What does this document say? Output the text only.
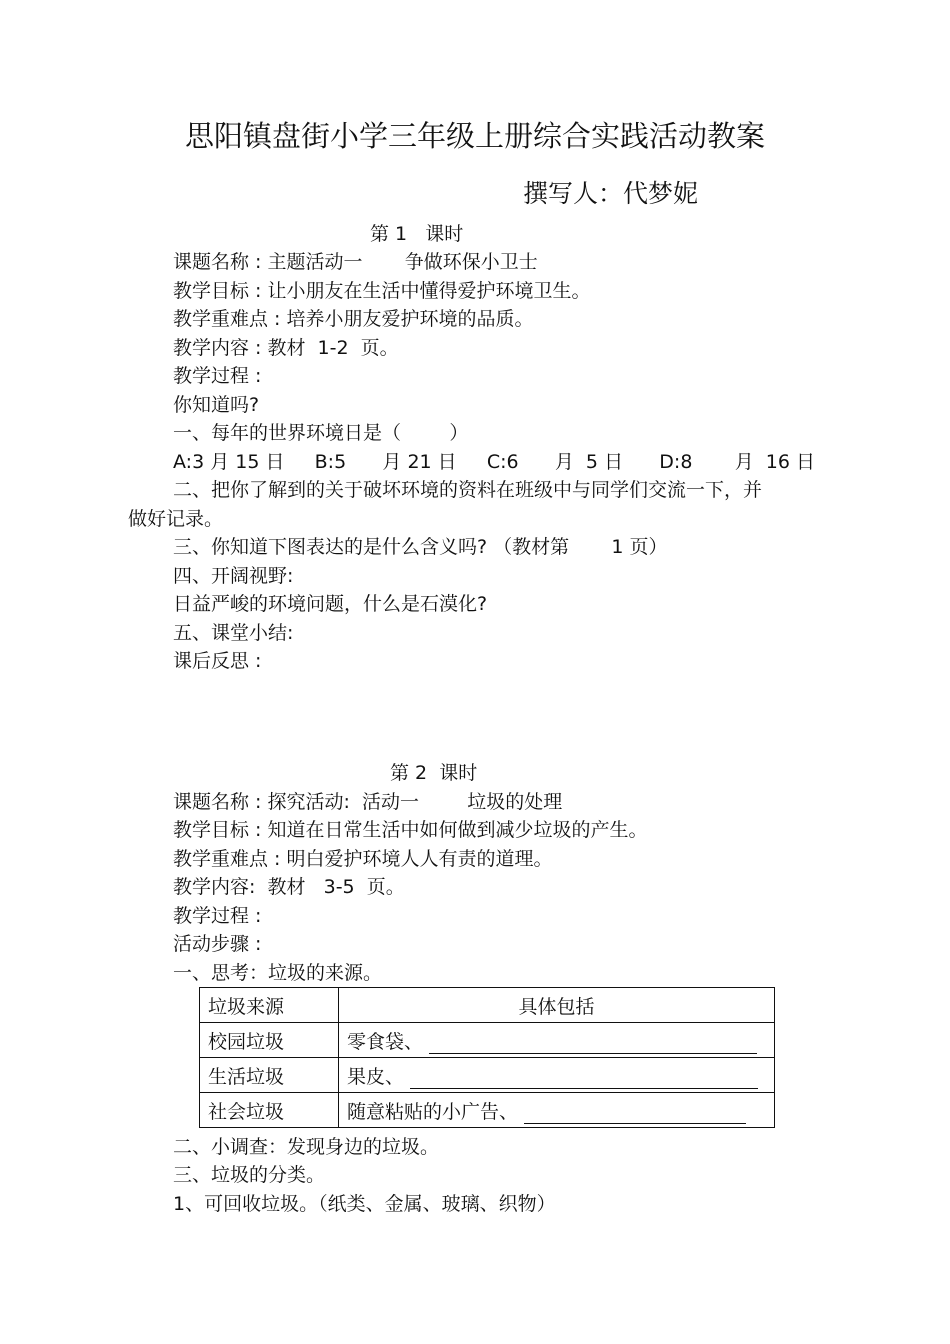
思阳镇盘街小学三年级上册综合实践活动教案
撰写人：代梦妮
第 1   课时
课题名称 : 主题活动一       争做环保小卫士
教学目标 : 让小朋友在生活中懂得爱护环境卫生。
教学重难点 : 培养小朋友爱护环境的品质。
教学内容 : 教材  1-2  页。
教学过程 :
你知道吗?
一、每年的世界环境日是（        ）
A:3 月 15 日     B:5      月 21 日     C:6      月  5 日      D:8       月  16 日
二、把你了解到的关于破坏环境的资料在班级中与同学们交流一下，并
做好记录。
三、你知道下图表达的是什么含义吗? （教材第       1 页）
四、开阔视野:
日益严峻的环境问题，什么是石漠化?
五、课堂小结:
课后反思 :
第 2  课时
课题名称 : 探究活动:  活动一        垃圾的处理
教学目标 : 知道在日常生活中如何做到减少垃圾的产生。
教学重难点 : 明白爱护环境人人有责的道理。
教学内容:  教材   3-5  页。
教学过程 :
活动步骤 :
一、思考：垃圾的来源。
垃圾来源	具体包括
校园垃圾	零食袋、
生活垃圾	果皮、
社会垃圾	随意粘贴的小广告、
二、小调查：发现身边的垃圾。
三、垃圾的分类。
1、可回收垃圾。（纸类、金属、玻璃、织物）
